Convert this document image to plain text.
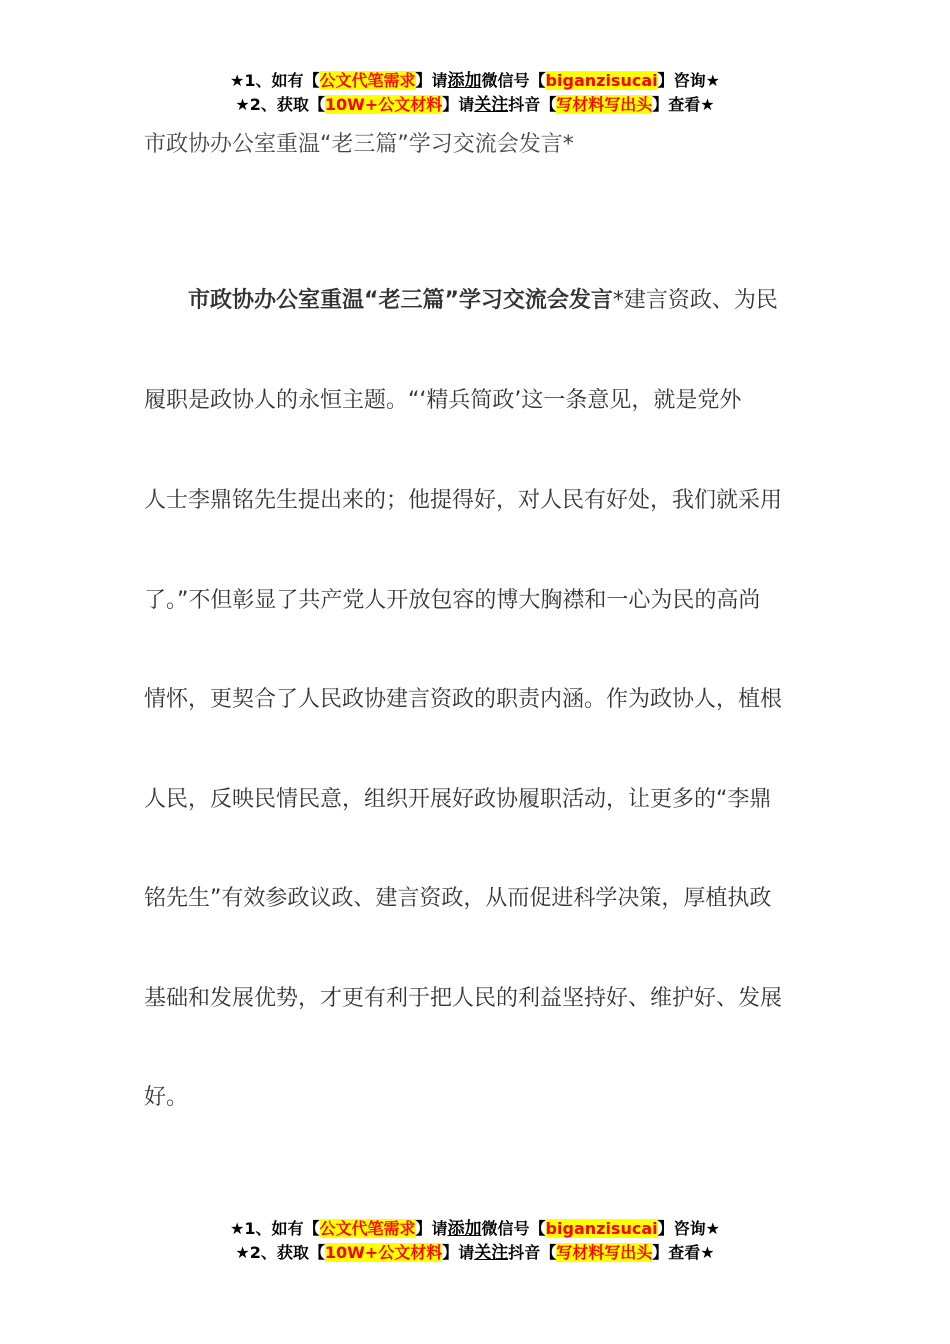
★1、如有【公文代笔需求】请添加微信号【biganzisucai】咨询★
★2、获取【10W+公文材料】请关注抖音【写材料写出头】查看★
市政协办公室重温“老三篇”学习交流会发言*
市政协办公室重温“老三篇”学习交流会发言*建言资政、为民
履职是政协人的永恒主题。“‘精兵简政’这一条意见，就是党外
人士李鼎铭先生提出来的；他提得好，对人民有好处，我们就采用
了。”不但彰显了共产党人开放包容的博大胸襟和一心为民的高尚
情怀，更契合了人民政协建言资政的职责内涵。作为政协人，植根
人民，反映民情民意，组织开展好政协履职活动，让更多的“李鼎
铭先生”有效参政议政、建言资政，从而促进科学决策，厚植执政
基础和发展优势，才更有利于把人民的利益坚持好、维护好、发展
好。
★1、如有【公文代笔需求】请添加微信号【biganzisucai】咨询★
★2、获取【10W+公文材料】请关注抖音【写材料写出头】查看★
